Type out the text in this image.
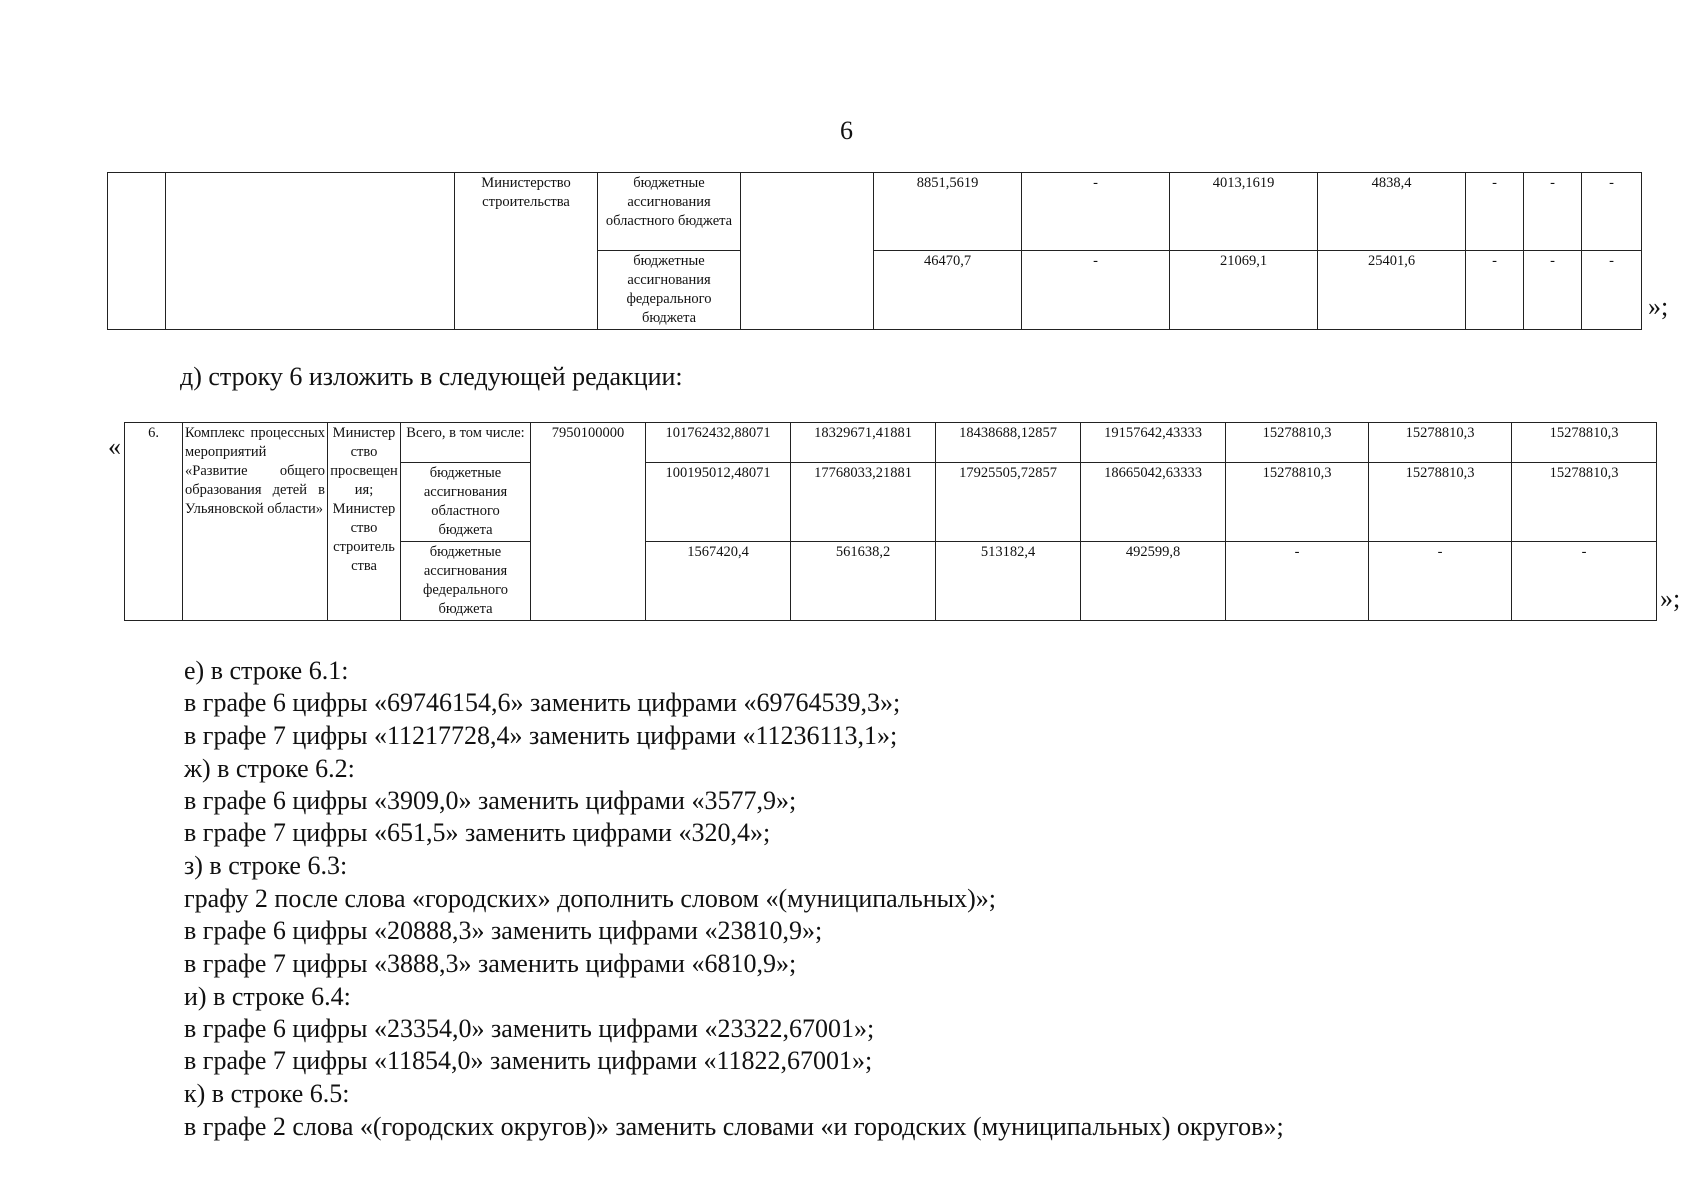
6
		Министерство строительства	бюджетные ассигнования областного бюджета		8851,5619	-	4013,1619	4838,4	-	-	-
			бюджетные ассигнования федерального бюджета		46470,7	-	21069,1	25401,6	-	-	-
»;
д) строку 6 изложить в следующей редакции:
« 6.	Комплекс процессных мероприятий «Развитие общего образования детей в Ульяновской области»	Министерство просвещения; Министерство строительства	Всего, в том числе:	7950100000	101762432,88071	18329671,41881	18438688,12857	19157642,43333	15278810,3	15278810,3	15278810,3
			бюджетные ассигнования областного бюджета		100195012,48071	17768033,21881	17925505,72857	18665042,63333	15278810,3	15278810,3	15278810,3
			бюджетные ассигнования федерального бюджета		1567420,4	561638,2	513182,4	492599,8	-	-	-
»;
е) в строке 6.1:
в графе 6 цифры «69746154,6» заменить цифрами «69764539,3»;
в графе 7 цифры «11217728,4» заменить цифрами «11236113,1»;
ж) в строке 6.2:
в графе 6 цифры «3909,0» заменить цифрами «3577,9»;
в графе 7 цифры «651,5» заменить цифрами «320,4»;
з) в строке 6.3:
графу 2 после слова «городских» дополнить словом «(муниципальных)»;
в графе 6 цифры «20888,3» заменить цифрами «23810,9»;
в графе 7 цифры «3888,3» заменить цифрами «6810,9»;
и) в строке 6.4:
в графе 6 цифры «23354,0» заменить цифрами «23322,67001»;
в графе 7 цифры «11854,0» заменить цифрами «11822,67001»;
к) в строке 6.5:
в графе 2 слова «(городских округов)» заменить словами «и городских (муниципальных) округов»;
